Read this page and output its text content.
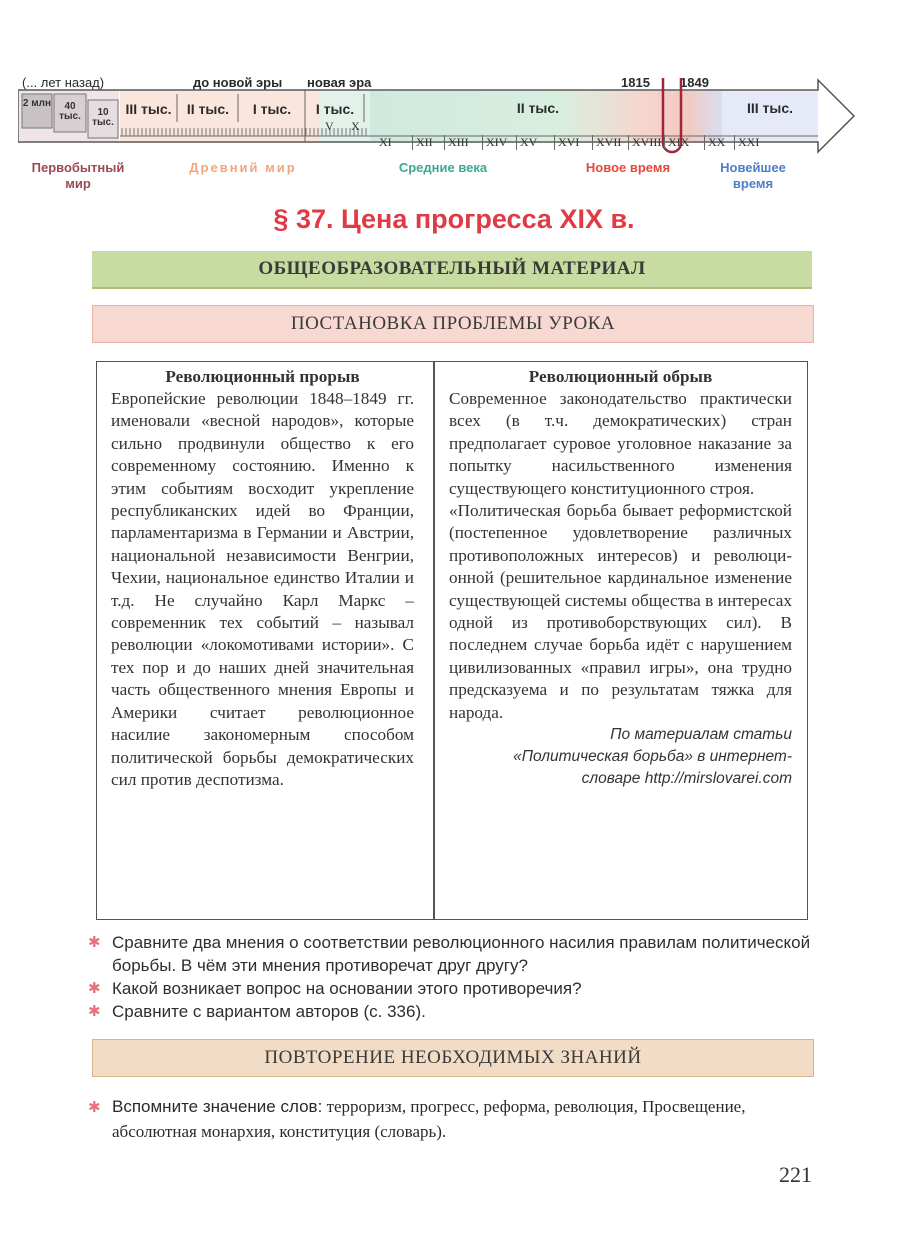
(... лет назад)	до новой эры новая эра	1815 1849
2 млн	40 тыс.	10 тыс.
III тыс.	II тыс.	I тыс.	I тыс.	II тыс.	III тыс.
V X
XI	XII	XIII	XIV	XV	XVI	XVII XVIII XIX	XX	XXI
Первобытный мир
Древний мир	Средние века	Новое время	Новейшее время
§ 37. Цена прогресса XIX в.
ОБЩЕОБРАЗОВАТЕЛЬНЫЙ МАТЕРИАЛ
ПОСТАНОВКА ПРОБЛЕМЫ УРОКА
Революционный прорыв

Европейские революции 1848–1849 гг. именовали «весной народов», которые сильно продвинули общество к его современному состоянию. Именно к этим событиям восходит укрепление республиканских идей во Франции, парламентаризма в Германии и Австрии, национальной независимости Венгрии, Чехии, национальное единство Италии и т.д. Не случайно Карл Маркс – современник тех событий – называл революции «локомотивами истории». С тех пор и до наших дней значительная часть общественного мнения Европы и Америки считает революционное насилие закономерным способом политической борьбы демократических сил против деспотизма.

Революционный обрыв

Современное законодательство практически всех (в т.ч. демократических) стран предполагает суровое уголовное наказание за попытку насильственного изменения существующего конституционного строя.

«Политическая борьба бывает реформистской (постепенное удовлетворение различных противоположных интересов) и революционной (решительное кардинальное изменение существующей системы общества в интересах одной из противоборствующих сил). В последнем случае борьба идёт с нарушением цивилизованных «правил игры», она трудно предсказуема и по результатам тяжка для народа.

По материалам статьи
«Политическая борьба» в интернет-
словаре http://mirslovarei.com
✱ Сравните два мнения о соответствии революционного насилия правилам политической борьбы. В чём эти мнения противоречат друг другу?
✱ Какой возникает вопрос на основании этого противоречия?
✱ Сравните с вариантом авторов (с. 336).
ПОВТОРЕНИЕ НЕОБХОДИМЫХ ЗНАНИЙ
✱ Вспомните значение слов: терроризм, прогресс, реформа, революция, Просвещение, абсолютная монархия, конституция (словарь).
221
